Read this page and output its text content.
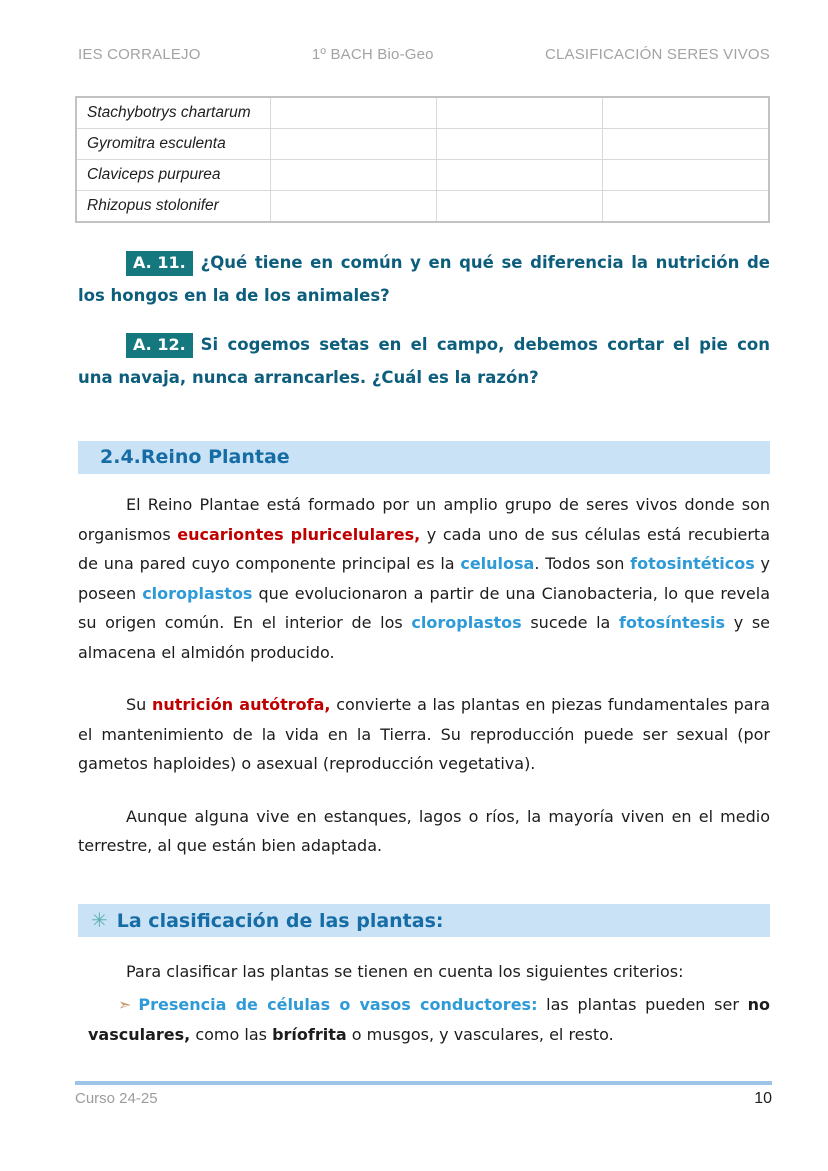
IES CORRALEJO	1º BACH Bio-Geo	CLASIFICACIÓN SERES VIVOS
Stachybotrys chartarum			
Gyromitra esculenta			
Claviceps purpurea			
Rhizopus stolonifer			

A. 11. ¿Qué tiene en común y en qué se diferencia la nutrición de los hongos en la de los animales?

A. 12. Si cogemos setas en el campo, debemos cortar el pie con una navaja, nunca arrancarles. ¿Cuál es la razón?

2.4.Reino Plantae

El Reino Plantae está formado por un amplio grupo de seres vivos donde son organismos eucariontes pluricelulares, y cada uno de sus células está recubierta de una pared cuyo componente principal es la celulosa. Todos son fotosintéticos y poseen cloroplastos que evolucionaron a partir de una Cianobacteria, lo que revela su origen común. En el interior de los cloroplastos sucede la fotosíntesis y se almacena el almidón producido.

Su nutrición autótrofa, convierte a las plantas en piezas fundamentales para el mantenimiento de la vida en la Tierra. Su reproducción puede ser sexual (por gametos haploides) o asexual (reproducción vegetativa).

Aunque alguna vive en estanques, lagos o ríos, la mayoría viven en el medio terrestre, al que están bien adaptada.

✳ La clasificación de las plantas:

Para clasificar las plantas se tienen en cuenta los siguientes criterios:

➣ Presencia de células o vasos conductores: las plantas pueden ser no vasculares, como las bríofrita o musgos, y vasculares, el resto.

Curso 24-25	10
